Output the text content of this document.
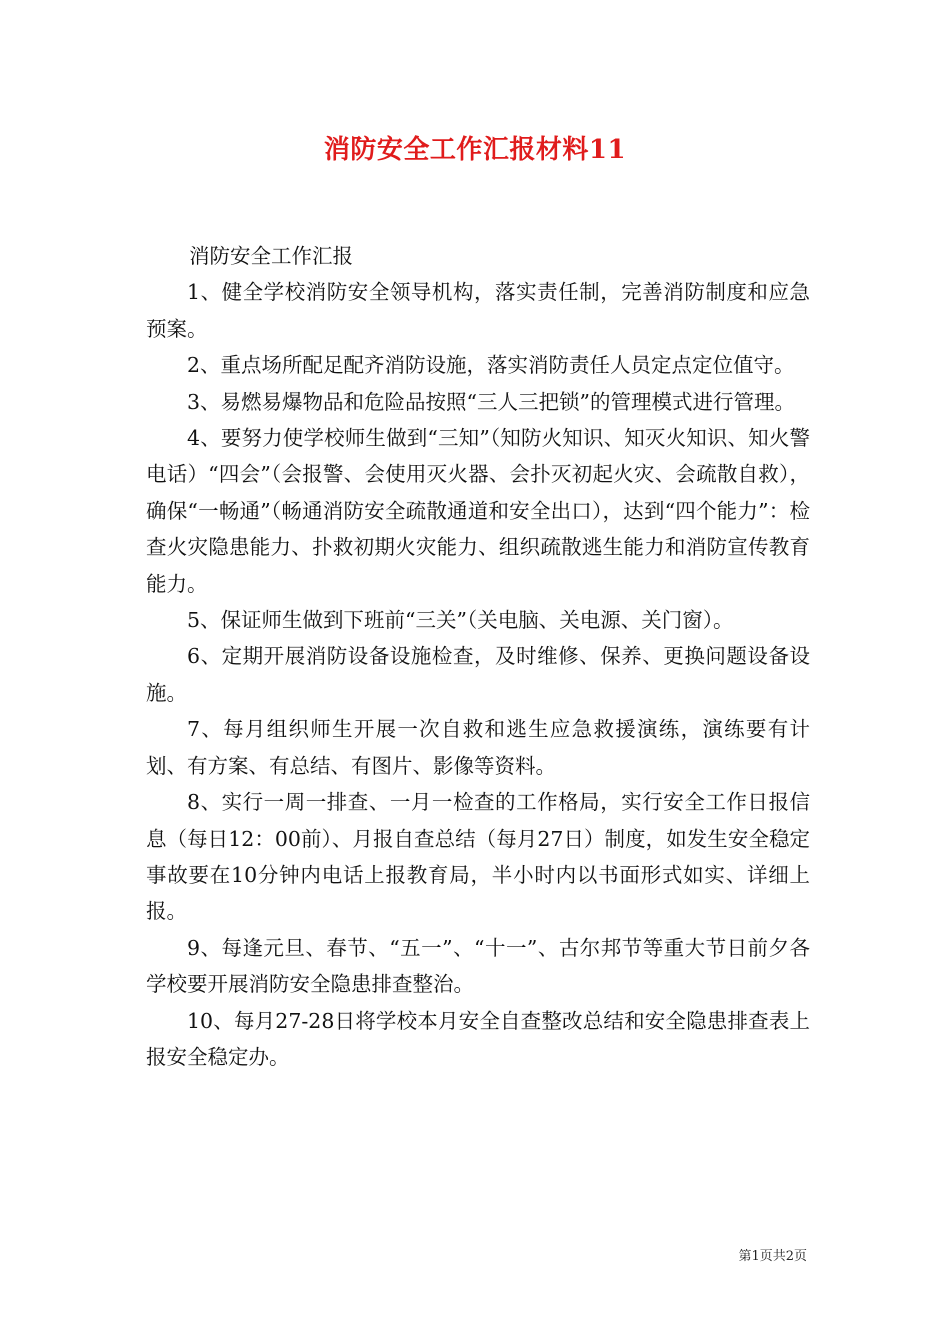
消防安全工作汇报材料11

消防安全工作汇报

1、健全学校消防安全领导机构，落实责任制，完善消防制度和应急预案。

2、重点场所配足配齐消防设施，落实消防责任人员定点定位值守。

3、易燃易爆物品和危险品按照“三人三把锁”的管理模式进行管理。

4、要努力使学校师生做到“三知”（知防火知识、知灭火知识、知火警电话）“四会”（会报警、会使用灭火器、会扑灭初起火灾、会疏散自救），确保“一畅通”（畅通消防安全疏散通道和安全出口），达到“四个能力”：检查火灾隐患能力、扑救初期火灾能力、组织疏散逃生能力和消防宣传教育能力。

5、保证师生做到下班前“三关”（关电脑、关电源、关门窗）。

6、定期开展消防设备设施检查，及时维修、保养、更换问题设备设施。

7、每月组织师生开展一次自救和逃生应急救援演练，演练要有计划、有方案、有总结、有图片、影像等资料。

8、实行一周一排查、一月一检查的工作格局，实行安全工作日报信息（每日12：00前）、月报自查总结（每月27日）制度，如发生安全稳定事故要在10分钟内电话上报教育局，半小时内以书面形式如实、详细上报。

9、每逢元旦、春节、“五一”、“十一”、古尔邦节等重大节日前夕各学校要开展消防安全隐患排查整治。

10、每月27-28日将学校本月安全自查整改总结和安全隐患排查表上报安全稳定办。

第1页共2页
